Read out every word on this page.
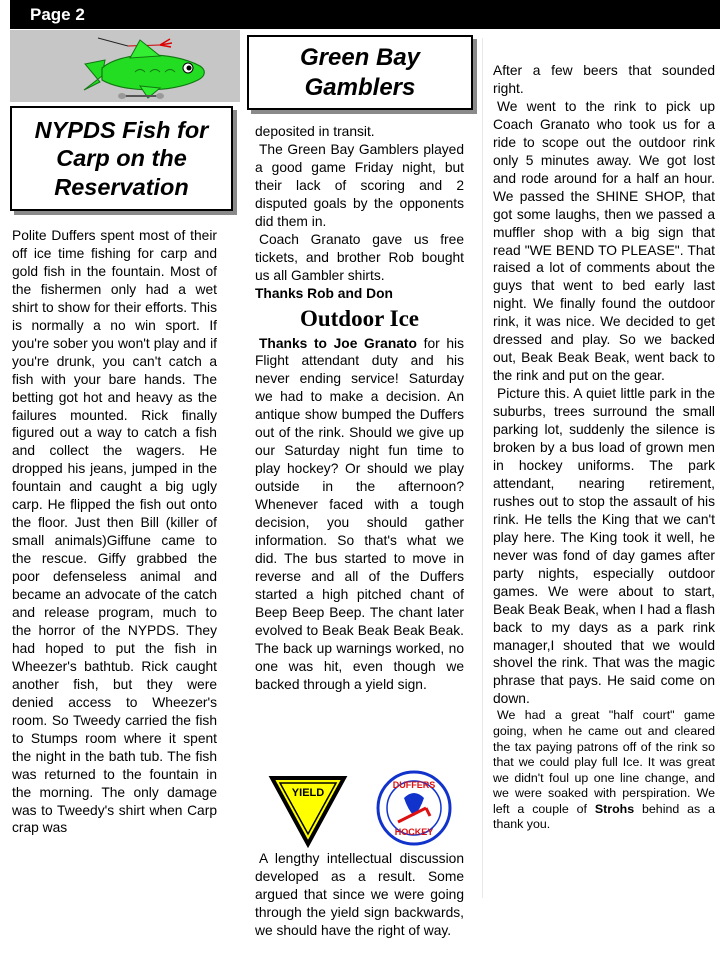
Page 2
NYPDS Fish for Carp on the Reservation
Green Bay Gamblers

Polite Duffers spent most of their off ice time fishing for carp and gold fish in the fountain. Most of the fishermen only had a wet shirt to show for their efforts. This is normally a no win sport. If you're sober you won't play and if you're drunk, you can't catch a fish with your bare hands. The betting got hot and heavy as the failures mounted. Rick finally figured out a way to catch a fish and collect the wagers. He dropped his jeans, jumped in the fountain and caught a big ugly carp. He flipped the fish out onto the floor. Just then Bill (killer of small animals)Giffune came to the rescue. Giffy grabbed the poor defenseless animal and became an advocate of the catch and release program, much to the horror of the NYPDS. They had hoped to put the fish in Wheezer's bathtub. Rick caught another fish, but they were denied access to Wheezer's room. So Tweedy carried the fish to Stumps room where it spent the night in the bath tub. The fish was returned to the fountain in the morning. The only damage was to Tweedy's shirt when Carp crap was

deposited in transit.

The Green Bay Gamblers played a good game Friday night, but their lack of scoring and 2 disputed goals by the opponents did them in.

Coach Granato gave us free tickets, and brother Rob bought us all Gambler shirts.

Thanks Rob and Don

Outdoor Ice

Thanks to Joe Granato for his Flight attendant duty and his never ending service! Saturday we had to make a decision. An antique show bumped the Duffers out of the rink. Should we give up our Saturday night fun time to play hockey? Or should we play outside in the afternoon? Whenever faced with a tough decision, you should gather information. So that's what we did. The bus started to move in reverse and all of the Duffers started a high pitched chant of Beep Beep Beep. The chant later evolved to Beak Beak Beak Beak. The back up warnings worked, no one was hit, even though we backed through a yield sign.

YIELD
DUFFERS
HOCKEY

A lengthy intellectual discussion developed as a result. Some argued that since we were going through the yield sign backwards, we should have the right of way.

After a few beers that sounded right.

We went to the rink to pick up Coach Granato who took us for a ride to scope out the outdoor rink only 5 minutes away. We got lost and rode around for a half an hour. We passed the SHINE SHOP, that got some laughs, then we passed a muffler shop with a big sign that read "WE BEND TO PLEASE". That raised a lot of comments about the guys that went to bed early last night. We finally found the outdoor rink, it was nice. We decided to get dressed and play. So we backed out, Beak Beak Beak, went back to the rink and put on the gear.

Picture this. A quiet little park in the suburbs, trees surround the small parking lot, suddenly the silence is broken by a bus load of grown men in hockey uniforms. The park attendant, nearing retirement, rushes out to stop the assault of his rink. He tells the King that we can't play here. The King took it well, he never was fond of day games after party nights, especially outdoor games. We were about to start, Beak Beak Beak, when I had a flash back to my days as a park rink manager,I shouted that we would shovel the rink. That was the magic phrase that pays. He said come on down.

We had a great "half court" game going, when he came out and cleared the tax paying patrons off of the rink so that we could play full Ice. It was great we didn't foul up one line change, and we were soaked with perspiration. We left a couple of Strohs behind as a thank you.
